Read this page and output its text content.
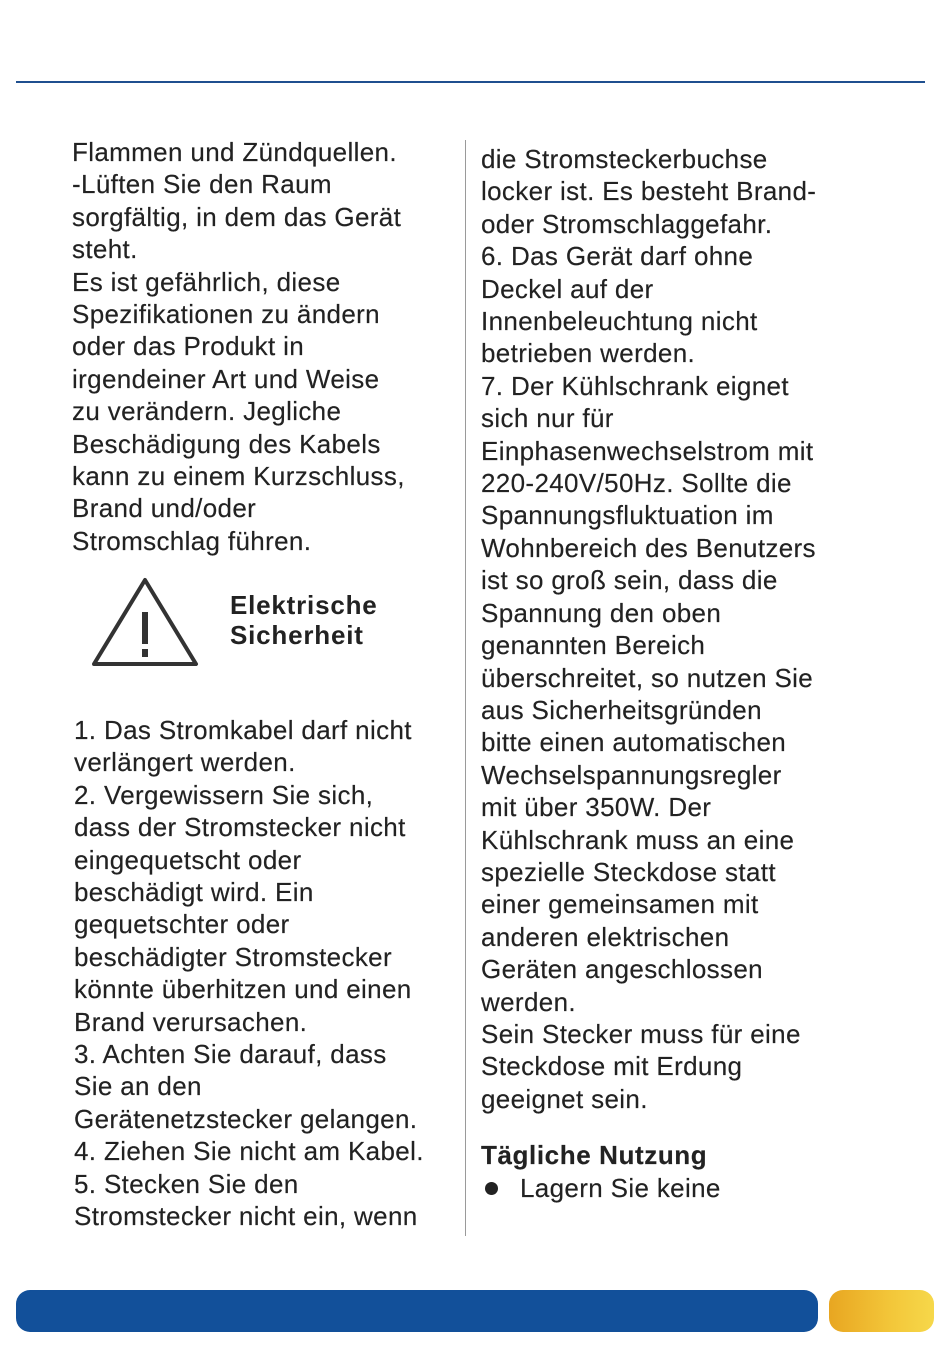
Flammen und Zündquellen.
-Lüften Sie den Raum
sorgfältig, in dem das Gerät
steht.
Es ist gefährlich, diese
Spezifikationen zu ändern
oder das Produkt in
irgendeiner Art und Weise
zu verändern. Jegliche
Beschädigung des Kabels
kann zu einem Kurzschluss,
Brand und/oder
Stromschlag führen.
Elektrische
Sicherheit
1. Das Stromkabel darf nicht
verlängert werden.
2. Vergewissern Sie sich,
dass der Stromstecker nicht
eingequetscht oder
beschädigt wird. Ein
gequetschter oder
beschädigter Stromstecker
könnte überhitzen und einen
Brand verursachen.
3. Achten Sie darauf, dass
Sie an den
Gerätenetzstecker gelangen.
4. Ziehen Sie nicht am Kabel.
5. Stecken Sie den
Stromstecker nicht ein, wenn
die Stromsteckerbuchse
locker ist. Es besteht Brand-
oder Stromschlaggefahr.
6. Das Gerät darf ohne
Deckel auf der
Innenbeleuchtung nicht
betrieben werden.
7. Der Kühlschrank eignet
sich nur für
Einphasenwechselstrom mit
220-240V/50Hz. Sollte die
Spannungsfluktuation im
Wohnbereich des Benutzers
ist so groß sein, dass die
Spannung den oben
genannten Bereich
überschreitet, so nutzen Sie
aus Sicherheitsgründen
bitte einen automatischen
Wechselspannungsregler
mit über 350W. Der
Kühlschrank muss an eine
spezielle Steckdose statt
einer gemeinsamen mit
anderen elektrischen
Geräten angeschlossen
werden.
Sein Stecker muss für eine
Steckdose mit Erdung
geeignet sein.
Tägliche Nutzung
Lagern Sie keine
